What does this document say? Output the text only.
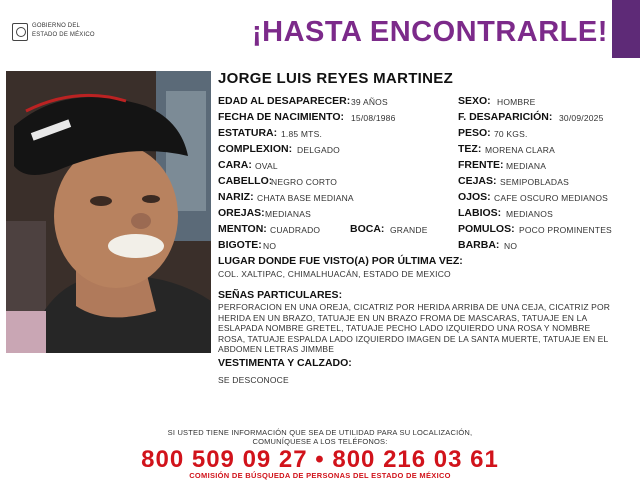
GOBIERNO DEL
ESTADO DE MÉXICO	¡HASTA ENCONTRARLE!
JORGE LUIS REYES MARTINEZ
EDAD AL DESAPARECER: 39 AÑOS
FECHA DE NACIMIENTO: 15/08/1986
ESTATURA: 1.85 MTS.
COMPLEXION: DELGADO
CARA: OVAL
CABELLO:
NEGRO CORTO
NARIZ: CHATA BASE MEDIANA
OREJAS: MEDIANAS
MENTON: CUADRADO	BOCA: GRANDE
BIGOTE: NO
SEXO: HOMBRE
F. DESAPARICIÓN: 30/09/2025
PESO: 70 KGS.
TEZ: MORENA CLARA
FRENTE: MEDIANA
CEJAS: SEMIPOBLADAS
OJOS: CAFE OSCURO MEDIANOS
LABIOS: MEDIANOS
POMULOS: POCO PROMINENTES
BARBA: NO
LUGAR DONDE FUE VISTO(A) POR ÚLTIMA VEZ:
COL. XALTIPAC, CHIMALHUACÁN, ESTADO DE MEXICO
SEÑAS PARTICULARES:
PERFORACION EN UNA OREJA, CICATRIZ POR HERIDA ARRIBA DE UNA CEJA, CICATRIZ POR HERIDA EN UN BRAZO, TATUAJE EN UN BRAZO FROMA DE MASCARAS, TATUAJE EN LA ESLAPADA NOMBRE GRETEL, TATUAJE PECHO LADO IZQUIERDO UNA ROSA Y NOMBRE ROSA, TATUAJE ESPALDA LADO IZQUIERDO IMAGEN DE LA SANTA MUERTE, TATUAJE EN EL ABDOMEN LETRAS JIMMBE
VESTIMENTA Y CALZADO:
SE DESCONOCE
SI USTED TIENE INFORMACIÓN QUE SEA DE UTILIDAD PARA SU LOCALIZACIÓN,
COMUNÍQUESE A LOS TELÉFONOS:
800 509 09 27 • 800 216 03 61
COMISIÓN DE BÚSQUEDA DE PERSONAS DEL ESTADO DE MÉXICO
